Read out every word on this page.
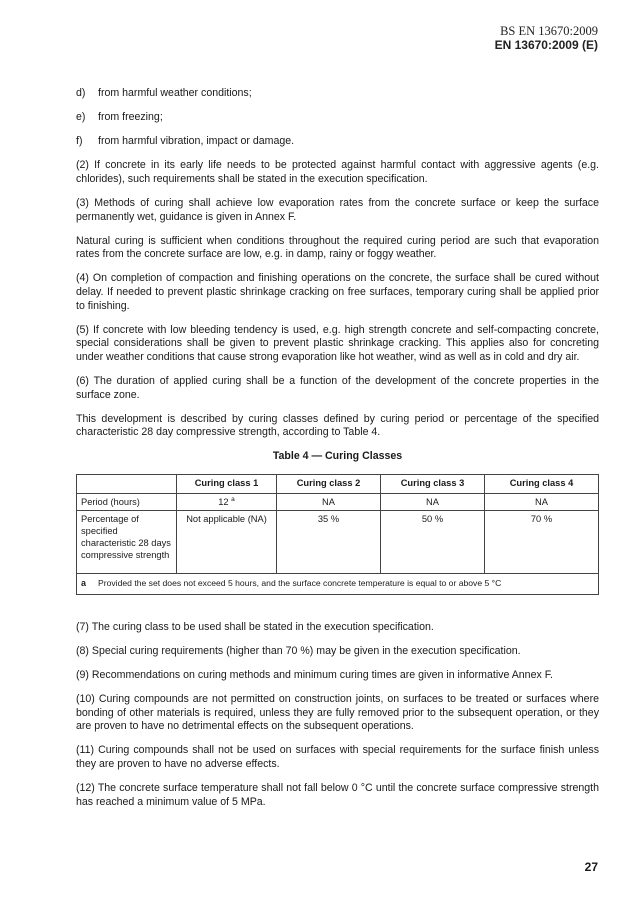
BS EN 13670:2009
EN 13670:2009 (E)
d)	from harmful weather conditions;
e)	from freezing;
f)	from harmful vibration, impact or damage.

(2) If concrete in its early life needs to be protected against harmful contact with aggressive agents (e.g. chlorides), such requirements shall be stated in the execution specification.

(3) Methods of curing shall achieve low evaporation rates from the concrete surface or keep the surface permanently wet, guidance is given in Annex F.

Natural curing is sufficient when conditions throughout the required curing period are such that evaporation rates from the concrete surface are low, e.g. in damp, rainy or foggy weather.

(4) On completion of compaction and finishing operations on the concrete, the surface shall be cured without delay. If needed to prevent plastic shrinkage cracking on free surfaces, temporary curing shall be applied prior to finishing.

(5) If concrete with low bleeding tendency is used, e.g. high strength concrete and self-compacting concrete, special considerations shall be given to prevent plastic shrinkage cracking. This applies also for concreting under weather conditions that cause strong evaporation like hot weather, wind as well as in cold and dry air.

(6) The duration of applied curing shall be a function of the development of the concrete properties in the surface zone.

This development is described by curing classes defined by curing period or percentage of the specified characteristic 28 day compressive strength, according to Table 4.

Table 4 — Curing Classes
	Curing class 1	Curing class 2	Curing class 3	Curing class 4
Period (hours)	12 $^a$	NA	NA	NA
Percentage of specified characteristic 28 days compressive strength	Not applicable (NA)	35 %	50 %	70 %
a Provided the set does not exceed 5 hours, and the surface concrete temperature is equal to or above 5 °C				

(7) The curing class to be used shall be stated in the execution specification.

(8) Special curing requirements (higher than 70 %) may be given in the execution specification.

(9) Recommendations on curing methods and minimum curing times are given in informative Annex F.

(10) Curing compounds are not permitted on construction joints, on surfaces to be treated or surfaces where bonding of other materials is required, unless they are fully removed prior to the subsequent operation, or they are proven to have no detrimental effects on the subsequent operations.

(11) Curing compounds shall not be used on surfaces with special requirements for the surface finish unless they are proven to have no adverse effects.

(12) The concrete surface temperature shall not fall below 0 °C until the concrete surface compressive strength has reached a minimum value of 5 MPa.

27
